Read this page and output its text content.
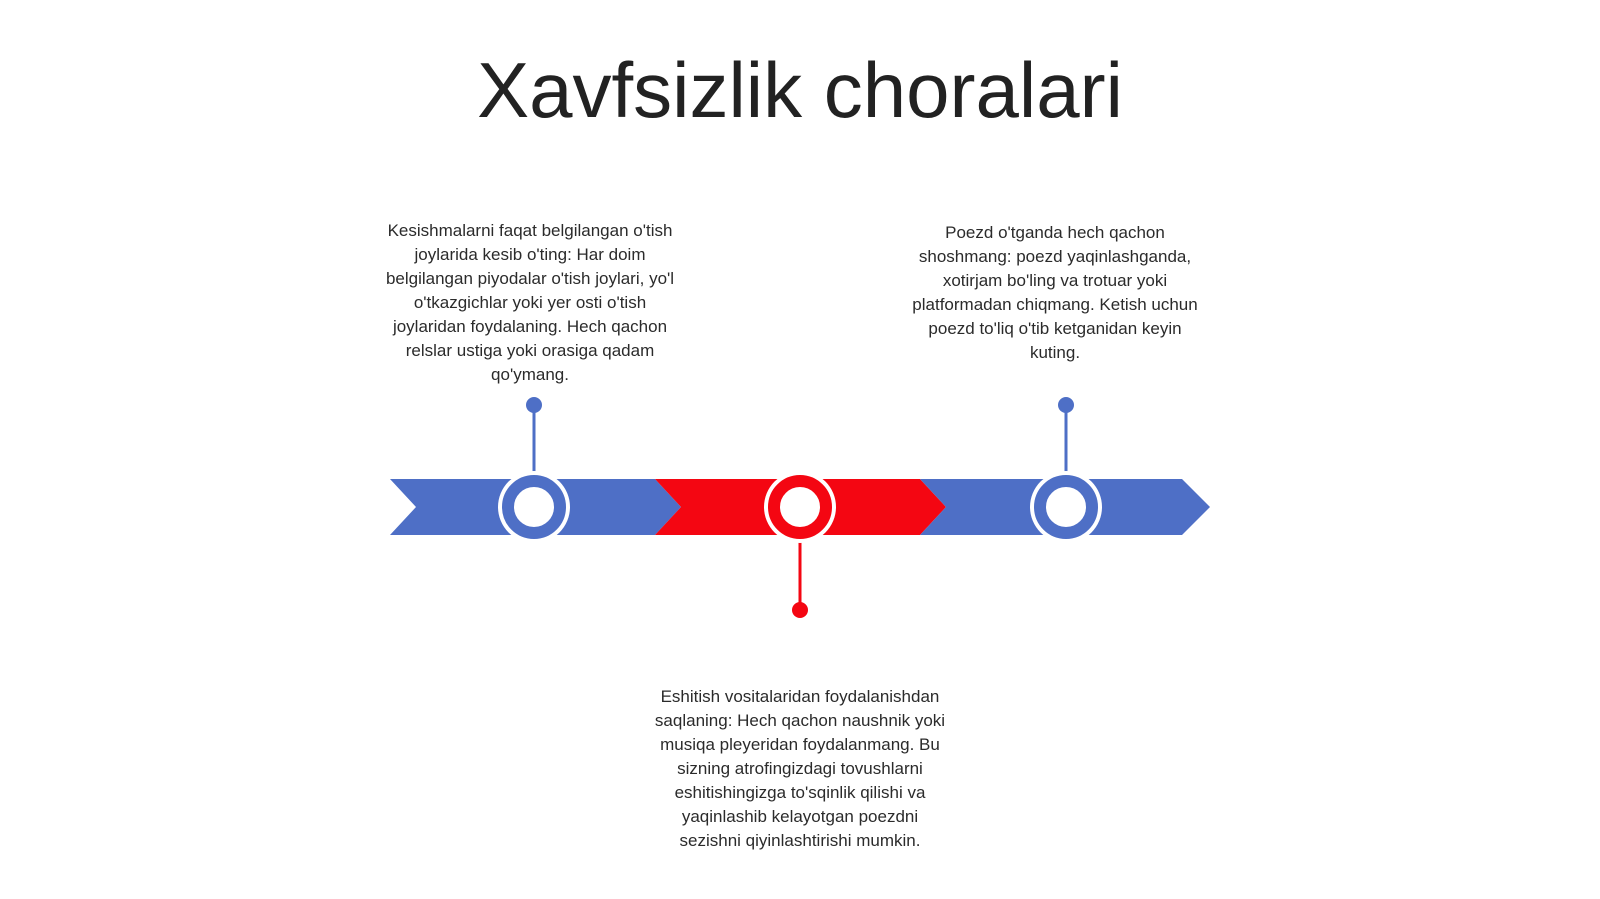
Xavfsizlik choralari

Kesishmalarni faqat belgilangan o'tish joylarida kesib o'ting: Har doim belgilangan piyodalar o'tish joylari, yo'l o'tkazgichlar yoki yer osti o'tish joylaridan foydalaning. Hech qachon relslar ustiga yoki orasiga qadam qo'ymang.

Poezd o'tganda hech qachon shoshmang: poezd yaqinlashganda, xotirjam bo'ling va trotuar yoki platformadan chiqmang. Ketish uchun poezd to'liq o'tib ketganidan keyin kuting.

Eshitish vositalaridan foydalanishdan saqlaning: Hech qachon naushnik yoki musiqa pleyeridan foydalanmang. Bu sizning atrofingizdagi tovushlarni eshitishingizga to'sqinlik qilishi va yaqinlashib kelayotgan poezdni sezishni qiyinlashtirishi mumkin.
